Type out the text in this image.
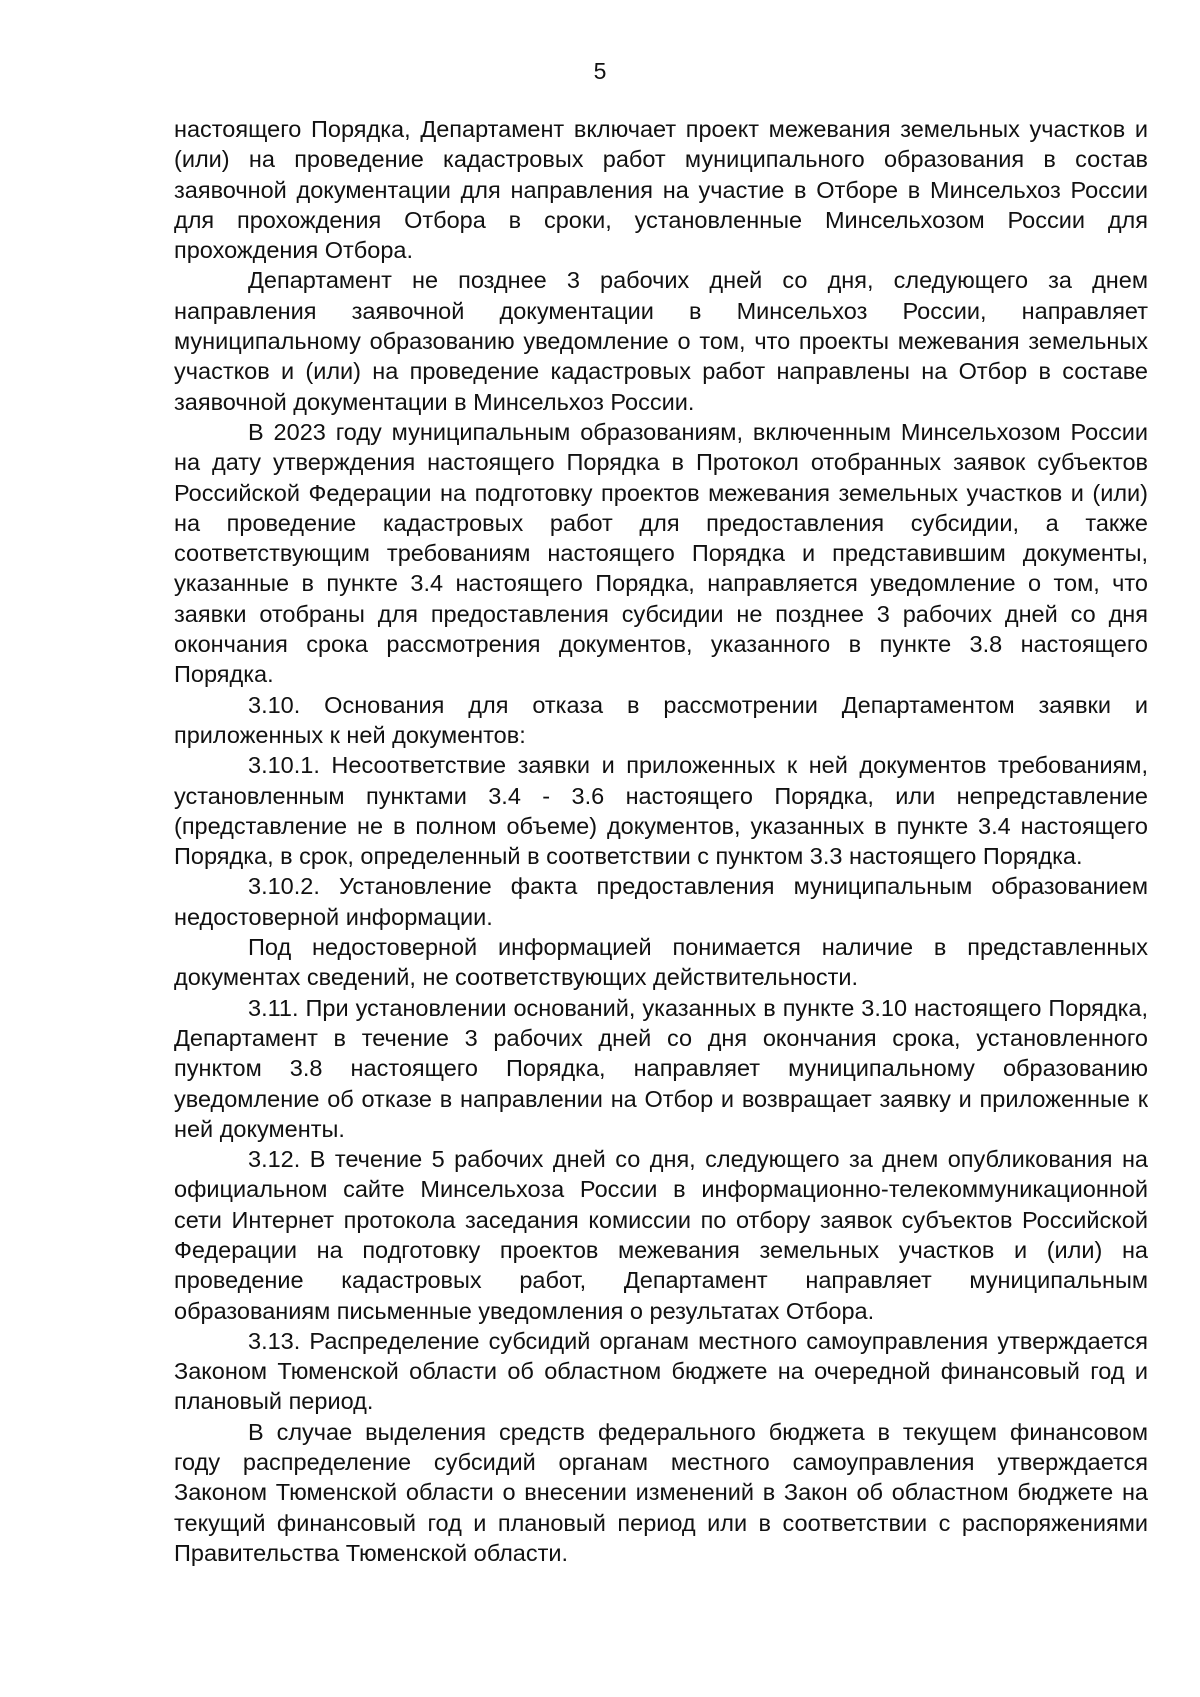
5

настоящего Порядка, Департамент включает проект межевания земельных участков и (или) на проведение кадастровых работ муниципального образования в состав заявочной документации для направления на участие в Отборе в Минсельхоз России для прохождения Отбора в сроки, установленные Минсельхозом России для прохождения Отбора.

Департамент не позднее 3 рабочих дней со дня, следующего за днем направления заявочной документации в Минсельхоз России, направляет муниципальному образованию уведомление о том, что проекты межевания земельных участков и (или) на проведение кадастровых работ направлены на Отбор в составе заявочной документации в Минсельхоз России.

В 2023 году муниципальным образованиям, включенным Минсельхозом России на дату утверждения настоящего Порядка в Протокол отобранных заявок субъектов Российской Федерации на подготовку проектов межевания земельных участков и (или) на проведение кадастровых работ для предоставления субсидии, а также соответствующим требованиям настоящего Порядка и представившим документы, указанные в пункте 3.4 настоящего Порядка, направляется уведомление о том, что заявки отобраны для предоставления субсидии не позднее 3 рабочих дней со дня окончания срока рассмотрения документов, указанного в пункте 3.8 настоящего Порядка.

3.10. Основания для отказа в рассмотрении Департаментом заявки и приложенных к ней документов:

3.10.1. Несоответствие заявки и приложенных к ней документов требованиям, установленным пунктами 3.4 - 3.6 настоящего Порядка, или непредставление (представление не в полном объеме) документов, указанных в пункте 3.4 настоящего Порядка, в срок, определенный в соответствии с пунктом 3.3 настоящего Порядка.

3.10.2. Установление факта предоставления муниципальным образованием недостоверной информации.

Под недостоверной информацией понимается наличие в представленных документах сведений, не соответствующих действительности.

3.11. При установлении оснований, указанных в пункте 3.10 настоящего Порядка, Департамент в течение 3 рабочих дней со дня окончания срока, установленного пунктом 3.8 настоящего Порядка, направляет муниципальному образованию уведомление об отказе в направлении на Отбор и возвращает заявку и приложенные к ней документы.

3.12. В течение 5 рабочих дней со дня, следующего за днем опубликования на официальном сайте Минсельхоза России в информационно-телекоммуникационной сети Интернет протокола заседания комиссии по отбору заявок субъектов Российской Федерации на подготовку проектов межевания земельных участков и (или) на проведение кадастровых работ, Департамент направляет муниципальным образованиям письменные уведомления о результатах Отбора.

3.13. Распределение субсидий органам местного самоуправления утверждается Законом Тюменской области об областном бюджете на очередной финансовый год и плановый период.

В случае выделения средств федерального бюджета в текущем финансовом году распределение субсидий органам местного самоуправления утверждается Законом Тюменской области о внесении изменений в Закон об областном бюджете на текущий финансовый год и плановый период или в соответствии с распоряжениями Правительства Тюменской области.
